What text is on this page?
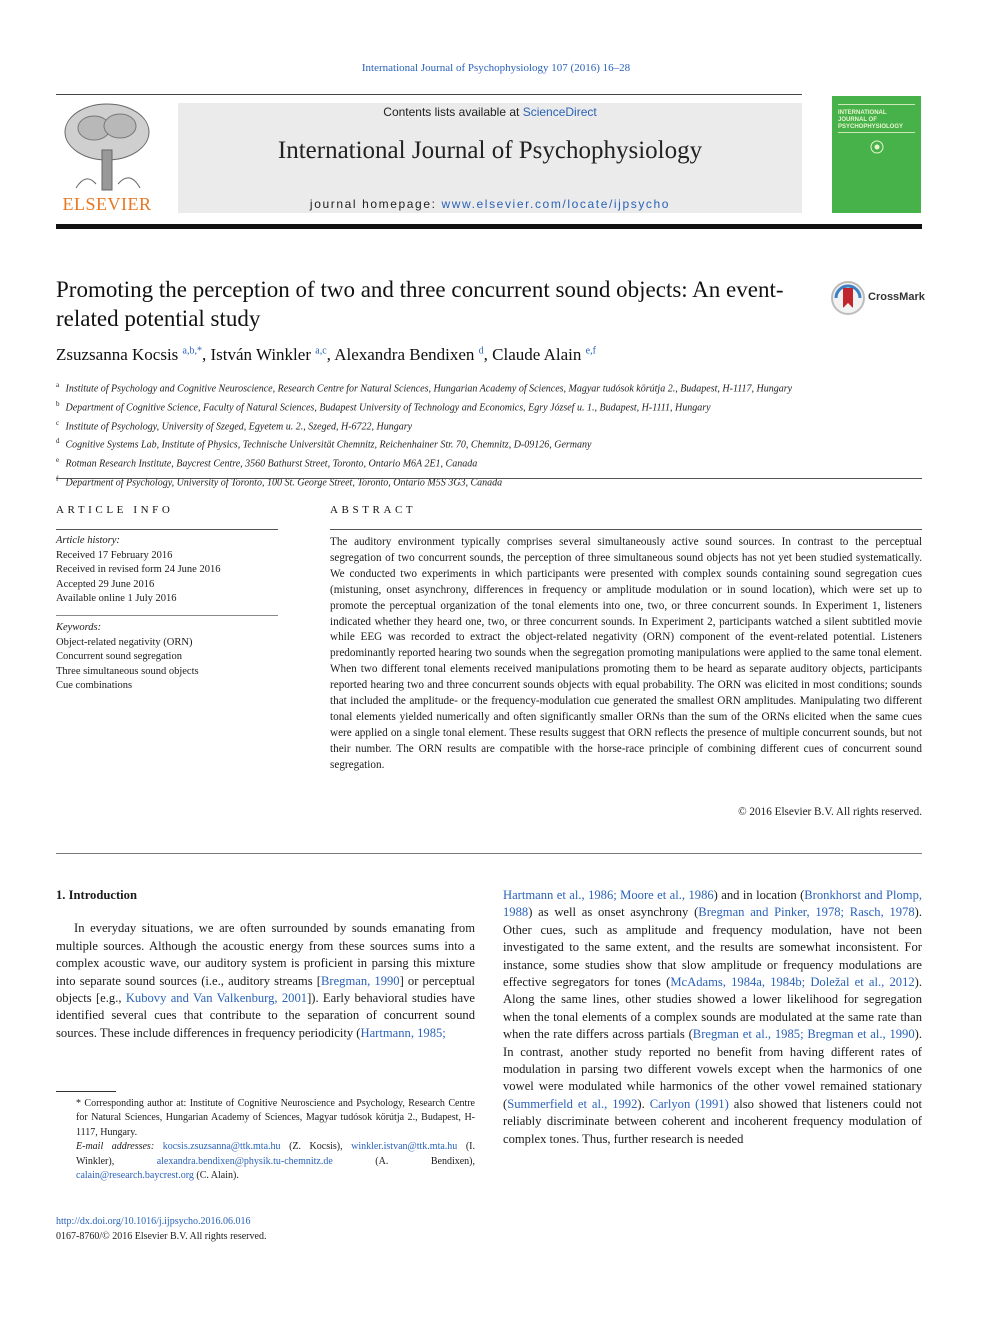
International Journal of Psychophysiology 107 (2016) 16–28
ELSEVIER
Contents lists available at ScienceDirect
International Journal of Psychophysiology
journal homepage: www.elsevier.com/locate/ijpsycho
INTERNATIONAL JOURNAL OF PSYCHOPHYSIOLOGY
Promoting the perception of two and three concurrent sound objects: An event-related potential study
CrossMark
Zsuzsanna Kocsis $^{a,b,*}$, István Winkler $^{a,c}$, Alexandra Bendixen $^d$, Claude Alain $^{e,f}$
$^a$ Institute of Psychology and Cognitive Neuroscience, Research Centre for Natural Sciences, Hungarian Academy of Sciences, Magyar tudósok körútja 2., Budapest, H-1117, Hungary
$^b$ Department of Cognitive Science, Faculty of Natural Sciences, Budapest University of Technology and Economics, Egry József u. 1., Budapest, H-1111, Hungary
$^c$ Institute of Psychology, University of Szeged, Egyetem u. 2., Szeged, H-6722, Hungary
$^d$ Cognitive Systems Lab, Institute of Physics, Technische Universität Chemnitz, Reichenhainer Str. 70, Chemnitz, D-09126, Germany
$^e$ Rotman Research Institute, Baycrest Centre, 3560 Bathurst Street, Toronto, Ontario M6A 2E1, Canada
$^f$ Department of Psychology, University of Toronto, 100 St. George Street, Toronto, Ontario M5S 3G3, Canada
ARTICLE INFO
Article history:
Received 17 February 2016
Received in revised form 24 June 2016
Accepted 29 June 2016
Available online 1 July 2016
Keywords:
Object-related negativity (ORN)
Concurrent sound segregation
Three simultaneous sound objects
Cue combinations
ABSTRACT
The auditory environment typically comprises several simultaneously active sound sources. In contrast to the perceptual segregation of two concurrent sounds, the perception of three simultaneous sound objects has not yet been studied systematically. We conducted two experiments in which participants were presented with complex sounds containing sound segregation cues (mistuning, onset asynchrony, differences in frequency or amplitude modulation or in sound location), which were set up to promote the perceptual organization of the tonal elements into one, two, or three concurrent sounds. In Experiment 1, listeners indicated whether they heard one, two, or three concurrent sounds. In Experiment 2, participants watched a silent subtitled movie while EEG was recorded to extract the object-related negativity (ORN) component of the event-related potential. Listeners predominantly reported hearing two sounds when the segregation promoting manipulations were applied to the same tonal element. When two different tonal elements received manipulations promoting them to be heard as separate auditory objects, participants reported hearing two and three concurrent sounds objects with equal probability. The ORN was elicited in most conditions; sounds that included the amplitude- or the frequency-modulation cue generated the smallest ORN amplitudes. Manipulating two different tonal elements yielded numerically and often significantly smaller ORNs than the sum of the ORNs elicited when the same cues were applied on a single tonal element. These results suggest that ORN reflects the presence of multiple concurrent sounds, but not their number. The ORN results are compatible with the horse-race principle of combining different cues of concurrent sound segregation.
© 2016 Elsevier B.V. All rights reserved.
1. Introduction

In everyday situations, we are often surrounded by sounds emanating from multiple sources. Although the acoustic energy from these sources sums into a complex acoustic wave, our auditory system is proficient in parsing this mixture into separate sound sources (i.e., auditory streams [Bregman, 1990] or perceptual objects [e.g., Kubovy and Van Valkenburg, 2001]). Early behavioral studies have identified several cues that contribute to the separation of concurrent sound sources. These include differences in frequency periodicity (Hartmann, 1985;

Hartmann et al., 1986; Moore et al., 1986) and in location (Bronkhorst and Plomp, 1988) as well as onset asynchrony (Bregman and Pinker, 1978; Rasch, 1978). Other cues, such as amplitude and frequency modulation, have not been investigated to the same extent, and the results are somewhat inconsistent. For instance, some studies show that slow amplitude or frequency modulations are effective segregators for tones (McAdams, 1984a, 1984b; Doležal et al., 2012). Along the same lines, other studies showed a lower likelihood for segregation when the tonal elements of a complex sounds are modulated at the same rate than when the rate differs across partials (Bregman et al., 1985; Bregman et al., 1990). In contrast, another study reported no benefit from having different rates of modulation in parsing two different vowels except when the harmonics of one vowel were modulated while harmonics of the other vowel remained stationary (Summerfield et al., 1992). Carlyon (1991) also showed that listeners could not reliably discriminate between coherent and incoherent frequency modulation of complex tones. Thus, further research is needed

* Corresponding author at: Institute of Cognitive Neuroscience and Psychology, Research Centre for Natural Sciences, Hungarian Academy of Sciences, Magyar tudósok körútja 2., Budapest, H-1117, Hungary.
E-mail addresses: kocsis.zsuzsanna@ttk.mta.hu (Z. Kocsis), winkler.istvan@ttk.mta.hu (I. Winkler), alexandra.bendixen@physik.tu-chemnitz.de (A. Bendixen), calain@research.baycrest.org (C. Alain).
http://dx.doi.org/10.1016/j.ijpsycho.2016.06.016
0167-8760/© 2016 Elsevier B.V. All rights reserved.
